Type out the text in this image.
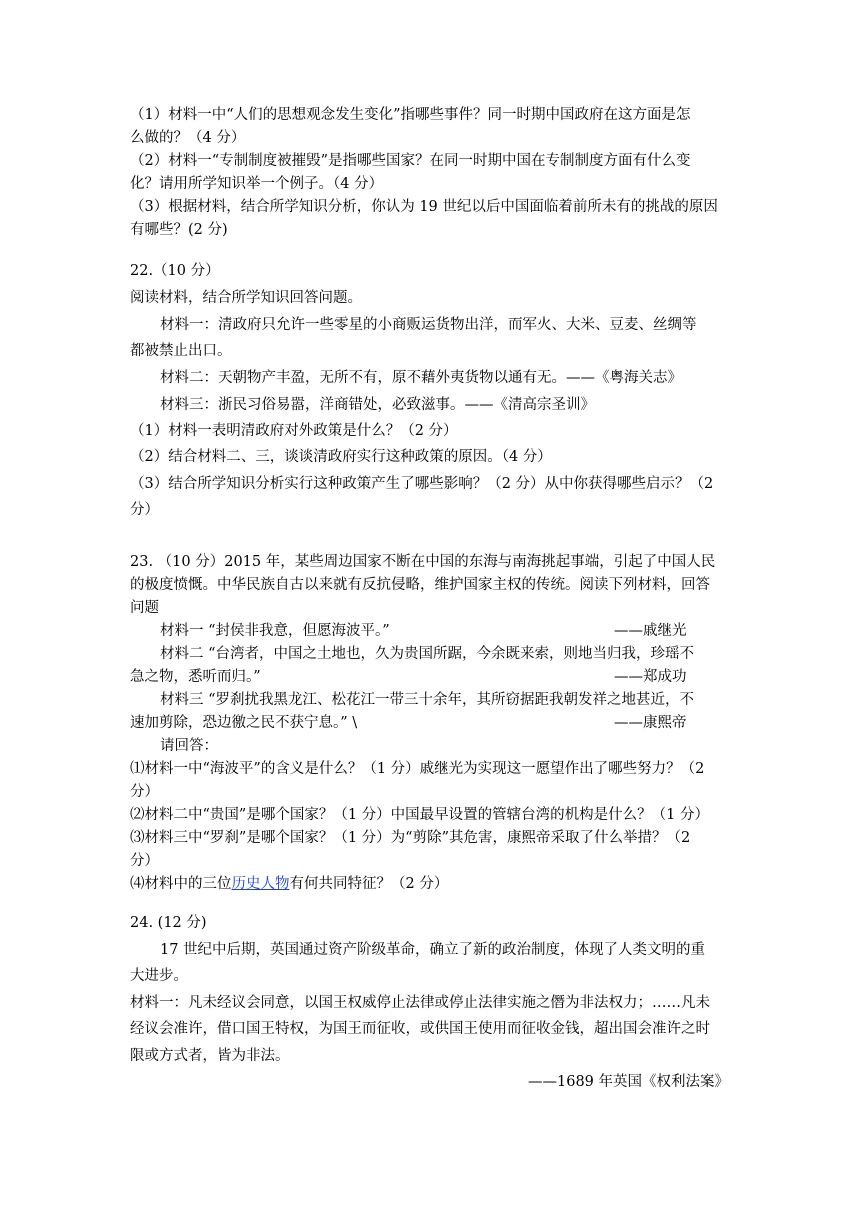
（1）材料一中“人们的思想观念发生变化”指哪些事件？同一时期中国政府在这方面是怎
么做的？（4 分）
（2）材料一“专制制度被摧毁”是指哪些国家？在同一时期中国在专制制度方面有什么变
化？请用所学知识举一个例子。（4 分）
（3）根据材料，结合所学知识分析，你认为 19 世纪以后中国面临着前所未有的挑战的原因
有哪些？(2 分)
22.（10 分）
阅读材料，结合所学知识回答问题。
材料一：清政府只允许一些零星的小商贩运货物出洋，而军火、大米、豆麦、丝绸等
都被禁止出口。
材料二：天朝物产丰盈，无所不有，原不藉外夷货物以通有无。——《粤海关志》
材料三：浙民习俗易嚣，洋商错处，必致滋事。——《清高宗圣训》
（1）材料一表明清政府对外政策是什么？（2 分）
（2）结合材料二、三，谈谈清政府实行这种政策的原因。（4 分）
（3）结合所学知识分析实行这种政策产生了哪些影响？（2 分）从中你获得哪些启示？（2
分）
23. （10 分）2015 年，某些周边国家不断在中国的东海与南海挑起事端，引起了中国人民
的极度愤慨。中华民族自古以来就有反抗侵略，维护国家主权的传统。阅读下列材料，回答
问题
材料一 “封侯非我意，但愿海波平。”	——戚继光
材料二 “台湾者，中国之土地也，久为贵国所踞，今余既来索，则地当归我，珍瑶不
急之物，悉听而归。”	——郑成功
材料三 “罗刹扰我黑龙江、松花江一带三十余年，其所窃据距我朝发祥之地甚近，不
速加剪除，恐边徼之民不获宁息。” \	——康熙帝
请回答：
⑴材料一中“海波平”的含义是什么？（1 分）戚继光为实现这一愿望作出了哪些努力？（2
分）
⑵材料二中“贵国”是哪个国家？（1 分）中国最早设置的管辖台湾的机构是什么？（1 分）
⑶材料三中“罗刹”是哪个国家？（1 分）为“剪除”其危害，康熙帝采取了什么举措？（2
分）
⑷材料中的三位历史人物有何共同特征？（2 分）
24. (12 分)
17 世纪中后期，英国通过资产阶级革命，确立了新的政治制度，体现了人类文明的重
大进步。
材料一：凡未经议会同意，以国王权威停止法律或停止法律实施之僭为非法权力；……凡未
经议会准许，借口国王特权，为国王而征收，或供国王使用而征收金钱，超出国会准许之时
限或方式者，皆为非法。
——1689 年英国《权利法案》
